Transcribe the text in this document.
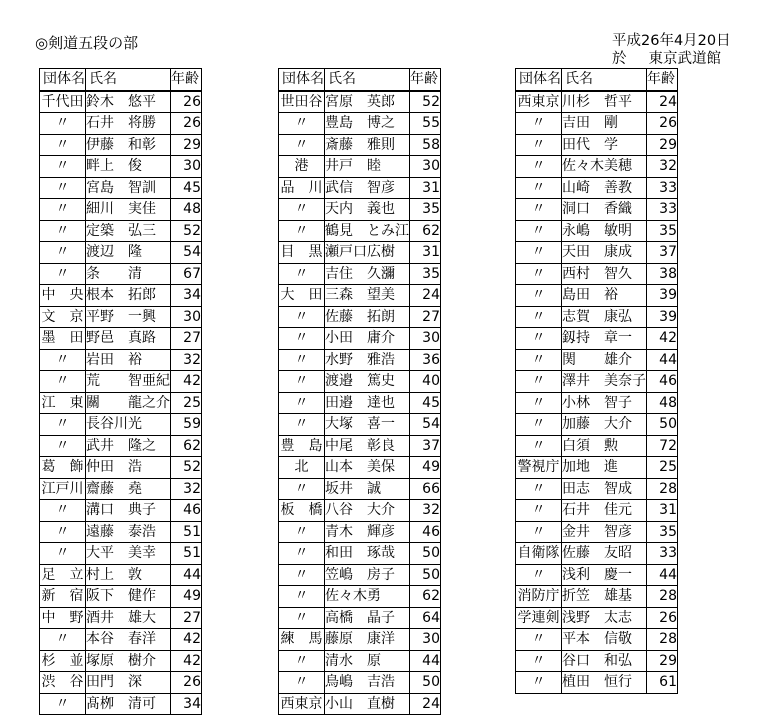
◎剣道五段の部	平成26年4月20日
於 東京武道館
団体名	氏名		年齢
千代田	鈴木	悠平	26
〃	石井	将勝	26
〃	伊藤	和彰	29
〃	畔上	俊	30
〃	宮島	智訓	45
〃	細川	実佳	48
〃	定築	弘三	52
〃	渡辺	隆	54
〃	条	清	67
中　央	根本	拓郎	34
文　京	平野	一興	30
墨　田	野邑	真路	27
〃	岩田	裕	32
〃	荒	智亜紀	42
江　東	關	龍之介	25
〃	長谷川	光	59
〃	武井	隆之	62
葛　飾	仲田	浩	52
江戸川	齋藤	堯	32
〃	溝口	典子	46
〃	遠藤	泰浩	51
〃	大平	美幸	51
足　立	村上	敦	44
新　宿	阪下	健作	49
中　野	酒井	雄大	27
〃	本谷	春洋	42
杉　並	塚原	樹介	42
渋　谷	田門	深	26
〃	髙栁	清可	34
団体名	氏名		年齢
世田谷	宮原	英郎	52
〃	豊島	博之	55
〃	斎藤	雅則	58
港	井戸	睦	30
品　川	武信	智彦	31
〃	天内	義也	35
〃	鶴見	とみ江	62
目　黒	瀬戸口	広樹	31
〃	吉住	久瀰	35
大　田	三森	望美	24
〃	佐藤	拓朗	27
〃	小田	庸介	30
〃	水野	雅浩	36
〃	渡邉	篤史	40
〃	田邉	達也	45
〃	大塚	喜一	54
豊　島	中尾	彰良	37
北	山本	美保	49
〃	坂井	誠	66
板　橋	八谷	大介	32
〃	青木	輝彦	46
〃	和田	琢哉	50
〃	笠嶋	房子	50
〃	佐々木	勇	62
〃	高橋	晶子	64
練　馬	藤原	康洋	30
〃	清水	原	44
〃	鳥嶋	吉浩	50
西東京	小山	直樹	24
団体名	氏名		年齢
西東京	川杉	哲平	24
〃	吉田	剛	26
〃	田代	学	29
〃	佐々木	美穂	32
〃	山崎	善教	33
〃	洞口	香織	33
〃	永嶋	敏明	35
〃	天田	康成	37
〃	西村	智久	38
〃	島田	裕	39
〃	志賀	康弘	39
〃	釼持	章一	42
〃	関	雄介	44
〃	澤井	美奈子	46
〃	小林	智子	48
〃	加藤	大介	50
〃	白須	勲	72
警視庁	加地	進	25
〃	田志	智成	28
〃	石井	佳元	31
〃	金井	智彦	35
自衛隊	佐藤	友昭	33
〃	浅利	慶一	44
消防庁	折笠	雄基	28
学連剣	浅野	太志	26
〃	平本	信敬	28
〃	谷口	和弘	29
〃	植田	恒行	61
